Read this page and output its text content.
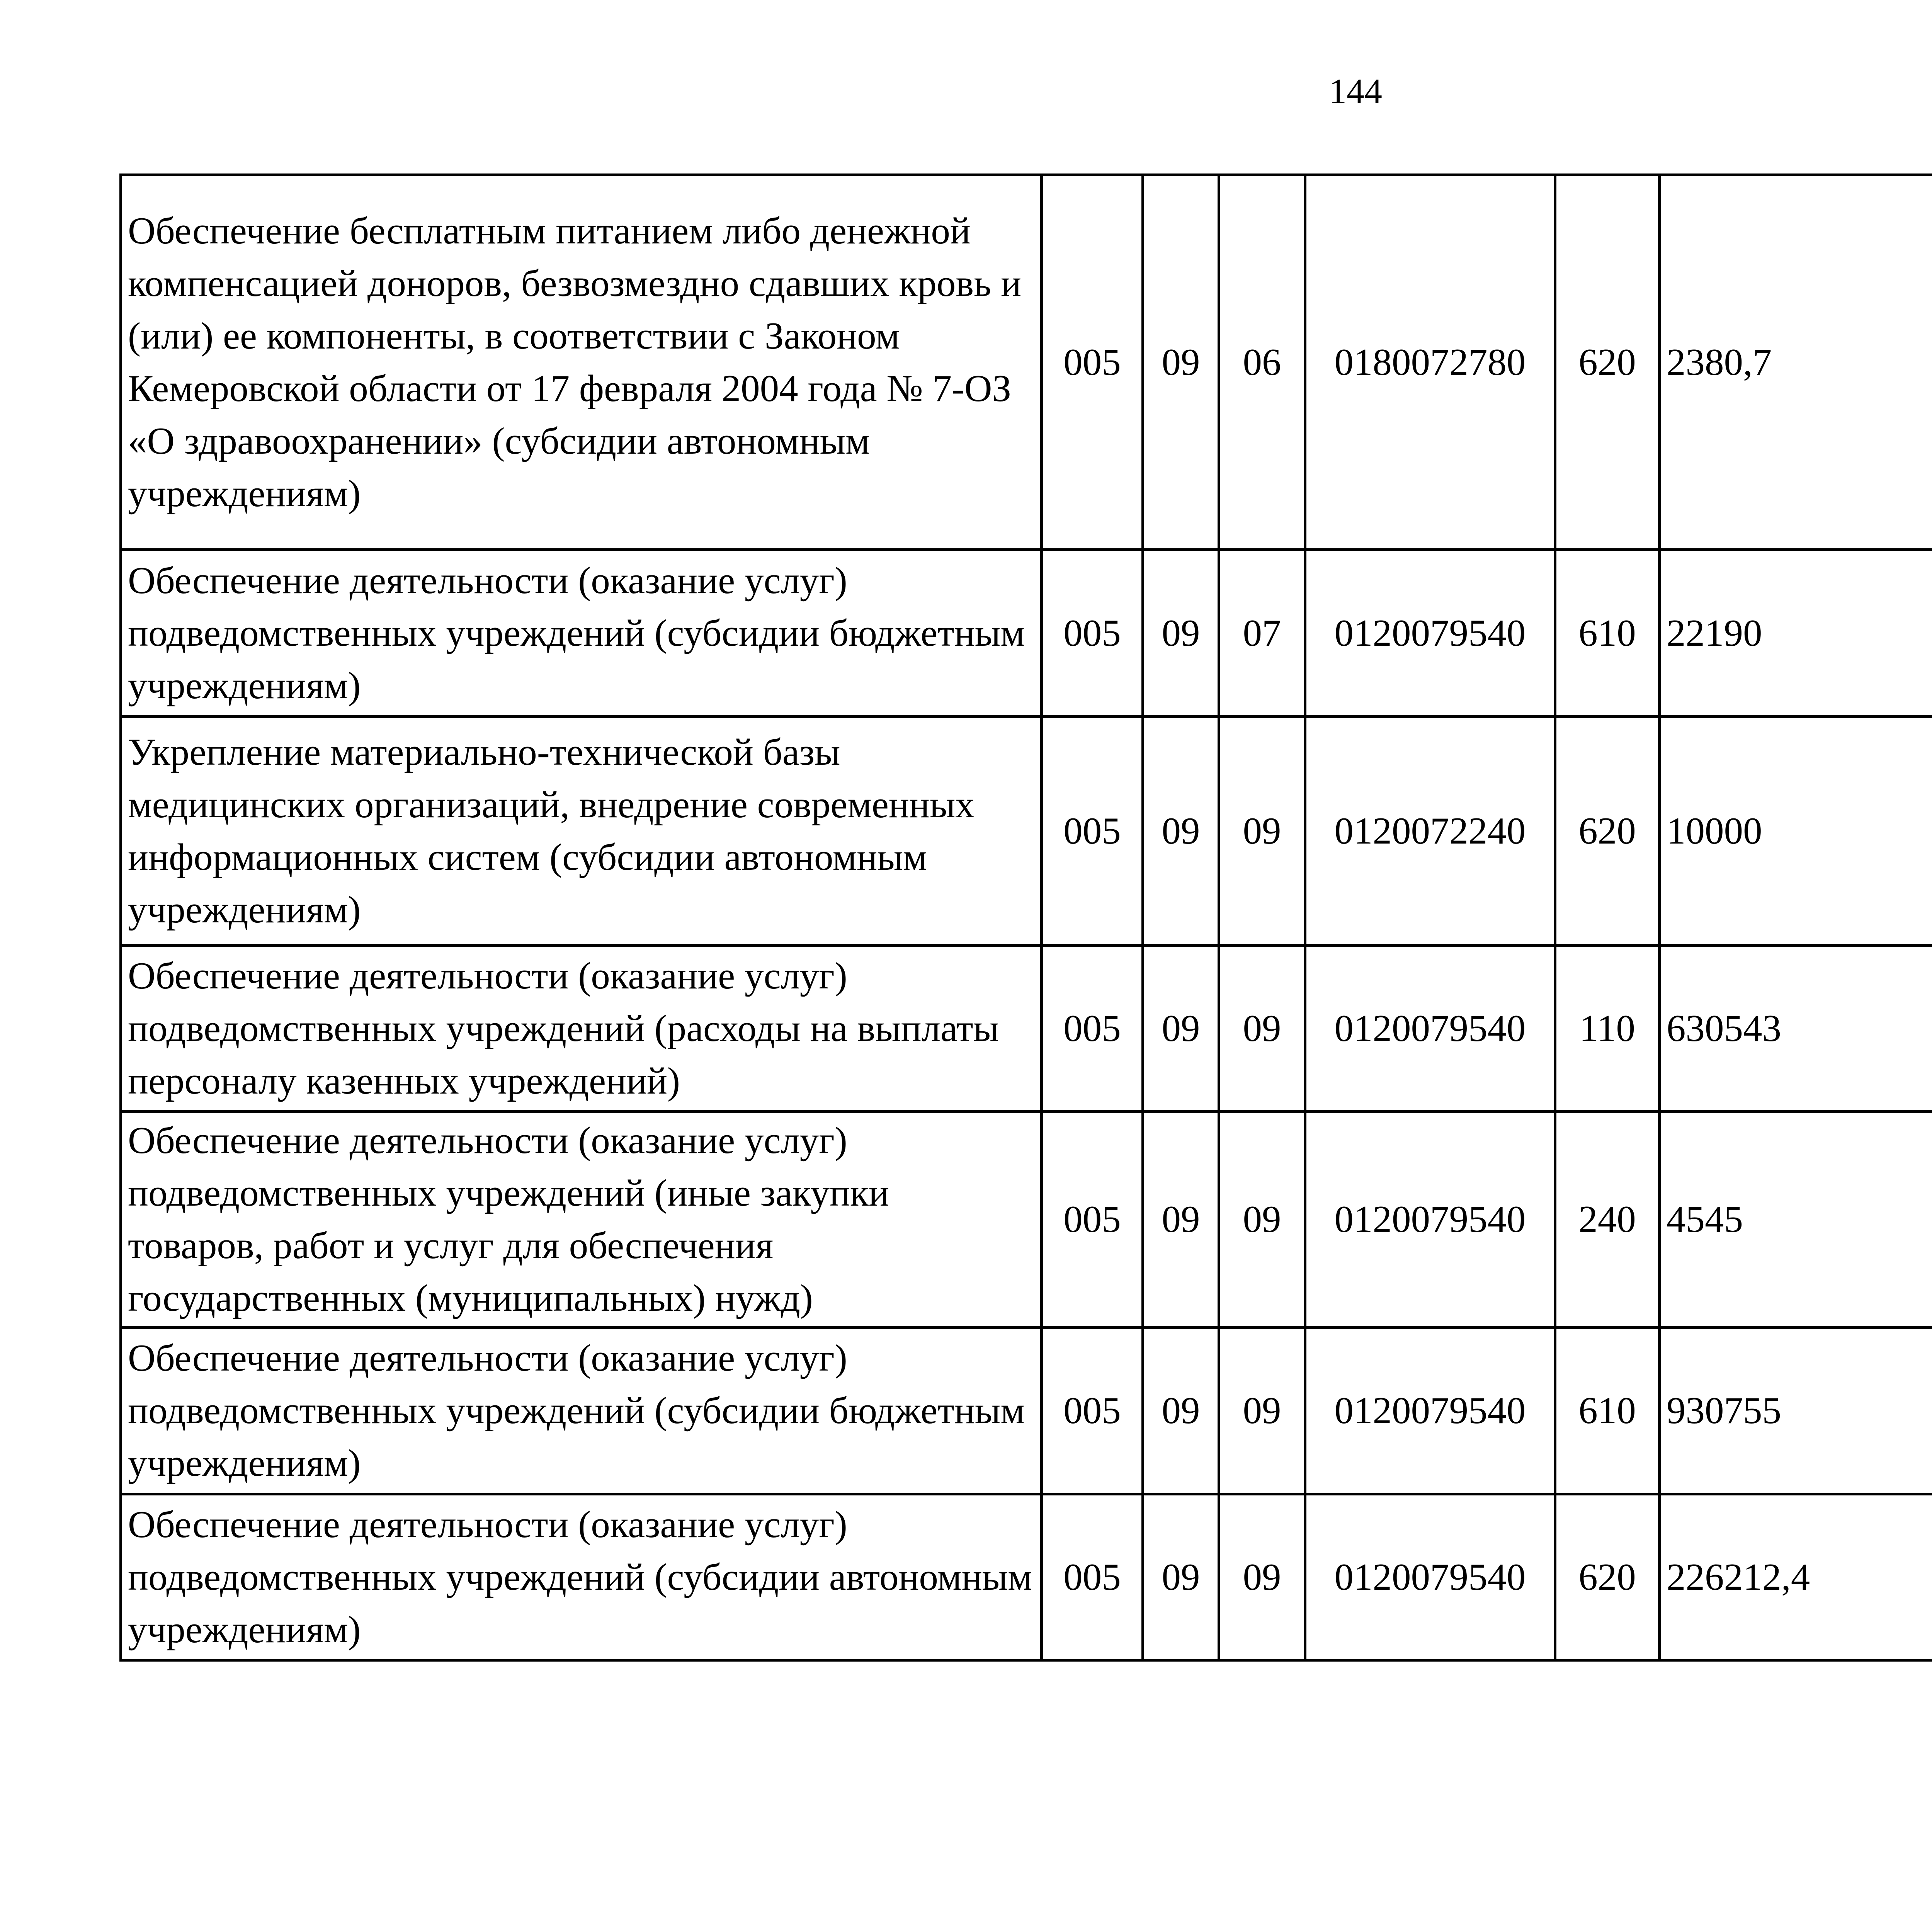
144
Обеспечение бесплатным питанием либо денежной компенсацией доноров, безвозмездно сдавших кровь и (или) ее компоненты, в соответствии с Законом Кемеровской области от 17 февраля 2004 года № 7-ОЗ «О здравоохранении» (субсидии автономным учреждениям)	005	09	06	0180072780	620	2380,7		
Обеспечение деятельности (оказание услуг) подведомственных учреждений (субсидии бюджетным учреждениям)	005	09	07	0120079540	610	22190		
Укрепление материально-технической базы медицинских организаций, внедрение современных информационных систем (субсидии автономным учреждениям)	005	09	09	0120072240	620	10000		
Обеспечение деятельности (оказание услуг) подведомственных учреждений (расходы на выплаты персоналу казенных учреждений)	005	09	09	0120079540	110	630543		
Обеспечение деятельности (оказание услуг) подведомственных учреждений (иные закупки товаров, работ и услуг для обеспечения государственных (муниципальных) нужд)	005	09	09	0120079540	240	4545		
Обеспечение деятельности (оказание услуг) подведомственных учреждений (субсидии бюджетным учреждениям)	005	09	09	0120079540	610	930755		
Обеспечение деятельности (оказание услуг) подведомственных учреждений (субсидии автономным учреждениям)	005	09	09	0120079540	620	226212,4		
